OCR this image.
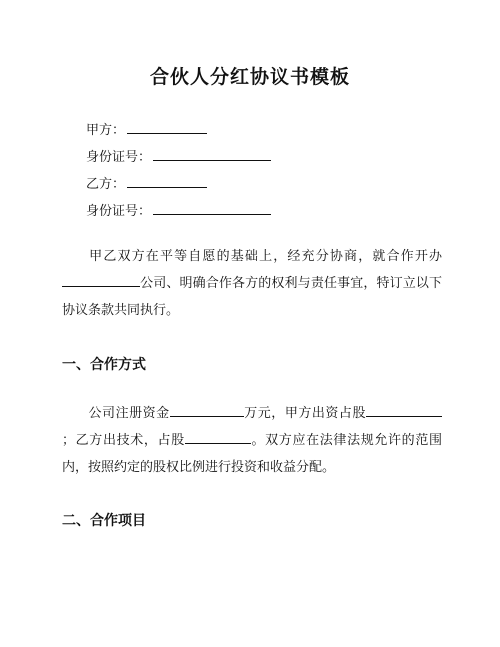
合伙人分红协议书模板
甲方：
身份证号：
乙方：
身份证号：
甲乙双方在平等自愿的基础上，经充分协商，就合作开办公司、明确合作各方的权利与责任事宜，特订立以下协议条款共同执行。
一、合作方式
公司注册资金	万元，甲方出资占股；乙方出技术，占股	。双方应在法律法规允许的范围内，按照约定的股权比例进行投资和收益分配。
二、合作项目
